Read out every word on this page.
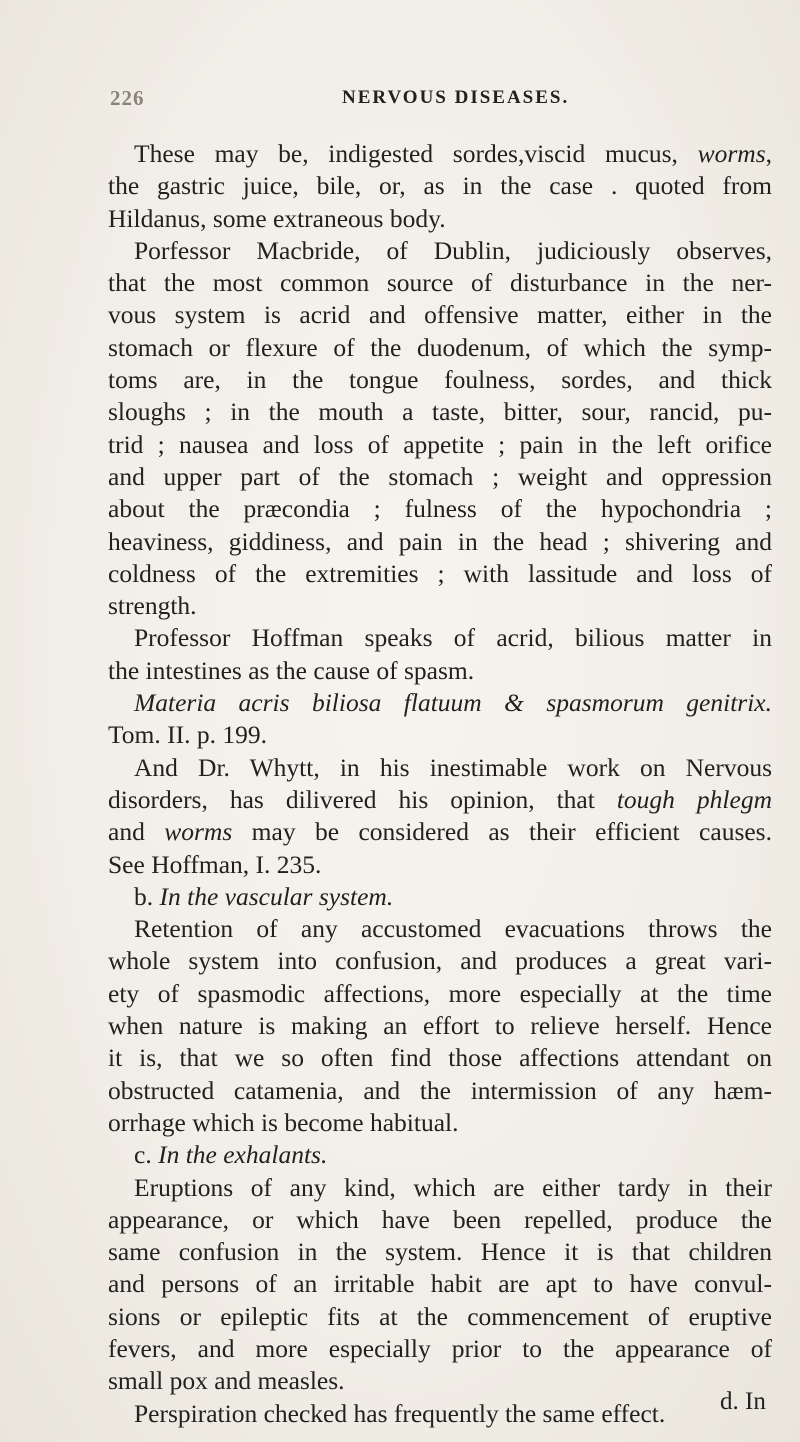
226	NERVOUS DISEASES.
These may be, indigested sordes,viscid mucus, worms,
the gastric juice, bile, or, as in the case . quoted from
Hildanus, some extraneous body.
Porfessor Macbride, of Dublin, judiciously observes,
that the most common source of disturbance in the ner-
vous system is acrid and offensive matter, either in the
stomach or flexure of the duodenum, of which the symp-
toms are, in the tongue foulness, sordes, and thick
sloughs ; in the mouth a taste, bitter, sour, rancid, pu-
trid ; nausea and loss of appetite ; pain in the left orifice
and upper part of the stomach ; weight and oppression
about the præcondia ; fulness of the hypochondria ;
heaviness, giddiness, and pain in the head ; shivering and
coldness of the extremities ; with lassitude and loss of
strength.
Professor Hoffman speaks of acrid, bilious matter in
the intestines as the cause of spasm.
Materia acris biliosa flatuum & spasmorum genitrix.
Tom. II. p. 199.
And Dr. Whytt, in his inestimable work on Nervous
disorders, has dilivered his opinion, that tough phlegm
and worms may be considered as their efficient causes.
See Hoffman, I. 235.
b. In the vascular system.
Retention of any accustomed evacuations throws the
whole system into confusion, and produces a great vari-
ety of spasmodic affections, more especially at the time
when nature is making an effort to relieve herself. Hence
it is, that we so often find those affections attendant on
obstructed catamenia, and the intermission of any hæm-
orrhage which is become habitual.
c. In the exhalants.
Eruptions of any kind, which are either tardy in their
appearance, or which have been repelled, produce the
same confusion in the system. Hence it is that children
and persons of an irritable habit are apt to have convul-
sions or epileptic fits at the commencement of eruptive
fevers, and more especially prior to the appearance of
small pox and measles.
Perspiration checked has frequently the same effect.	d. In
